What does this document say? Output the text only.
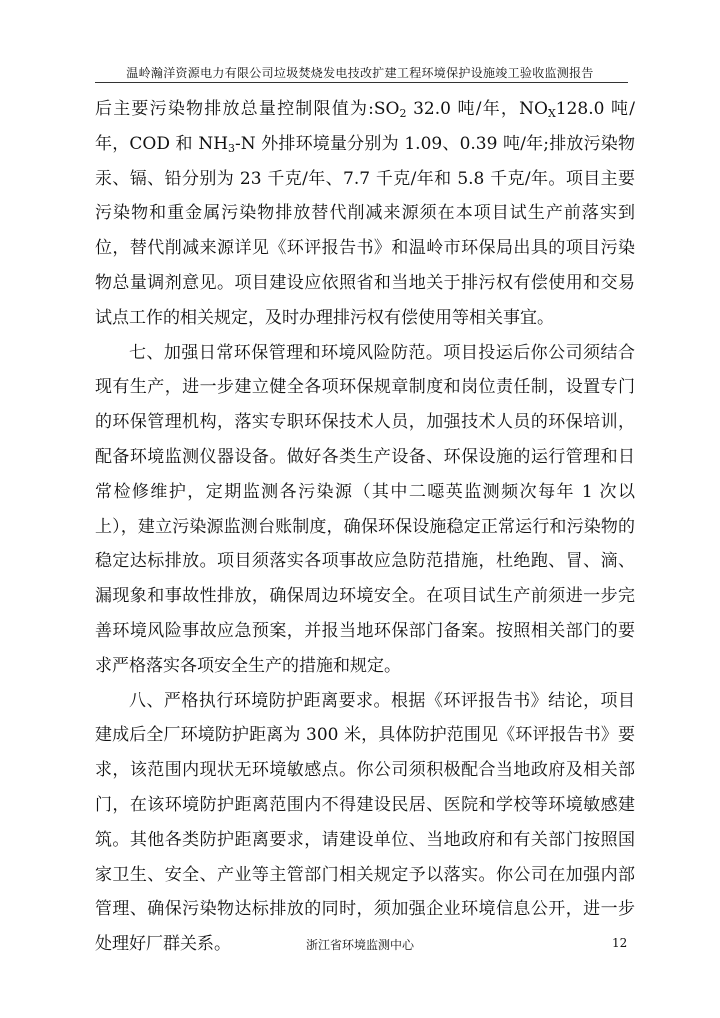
温岭瀚洋资源电力有限公司垃圾焚烧发电技改扩建工程环境保护设施竣工验收监测报告

后主要污染物排放总量控制限值为$:SO_2$ 32.0 吨/年，$NO_X128.0$ 吨/年，COD 和 $NH_3-N$ 外排环境量分别为 1.09、0.39 吨/年;排放污染物汞、镉、铅分别为 23 千克/年、7.7 千克/年和 5.8 千克/年。项目主要污染物和重金属污染物排放替代削减来源须在本项目试生产前落实到位，替代削减来源详见《环评报告书》和温岭市环保局出具的项目污染物总量调剂意见。项目建设应依照省和当地关于排污权有偿使用和交易试点工作的相关规定，及时办理排污权有偿使用等相关事宜。

七、加强日常环保管理和环境风险防范。项目投运后你公司须结合现有生产，进一步建立健全各项环保规章制度和岗位责任制，设置专门的环保管理机构，落实专职环保技术人员，加强技术人员的环保培训，配备环境监测仪器设备。做好各类生产设备、环保设施的运行管理和日常检修维护，定期监测各污染源（其中二噁英监测频次每年 1 次以上），建立污染源监测台账制度，确保环保设施稳定正常运行和污染物的稳定达标排放。项目须落实各项事故应急防范措施，杜绝跑、冒、滴、漏现象和事故性排放，确保周边环境安全。在项目试生产前须进一步完善环境风险事故应急预案，并报当地环保部门备案。按照相关部门的要求严格落实各项安全生产的措施和规定。

八、严格执行环境防护距离要求。根据《环评报告书》结论，项目建成后全厂环境防护距离为 300 米，具体防护范围见《环评报告书》要求，该范围内现状无环境敏感点。你公司须积极配合当地政府及相关部门，在该环境防护距离范围内不得建设民居、医院和学校等环境敏感建筑。其他各类防护距离要求，请建设单位、当地政府和有关部门按照国家卫生、安全、产业等主管部门相关规定予以落实。你公司在加强内部管理、确保污染物达标排放的同时，须加强企业环境信息公开，进一步处理好厂群关系。	浙江省环境监测中心	12
